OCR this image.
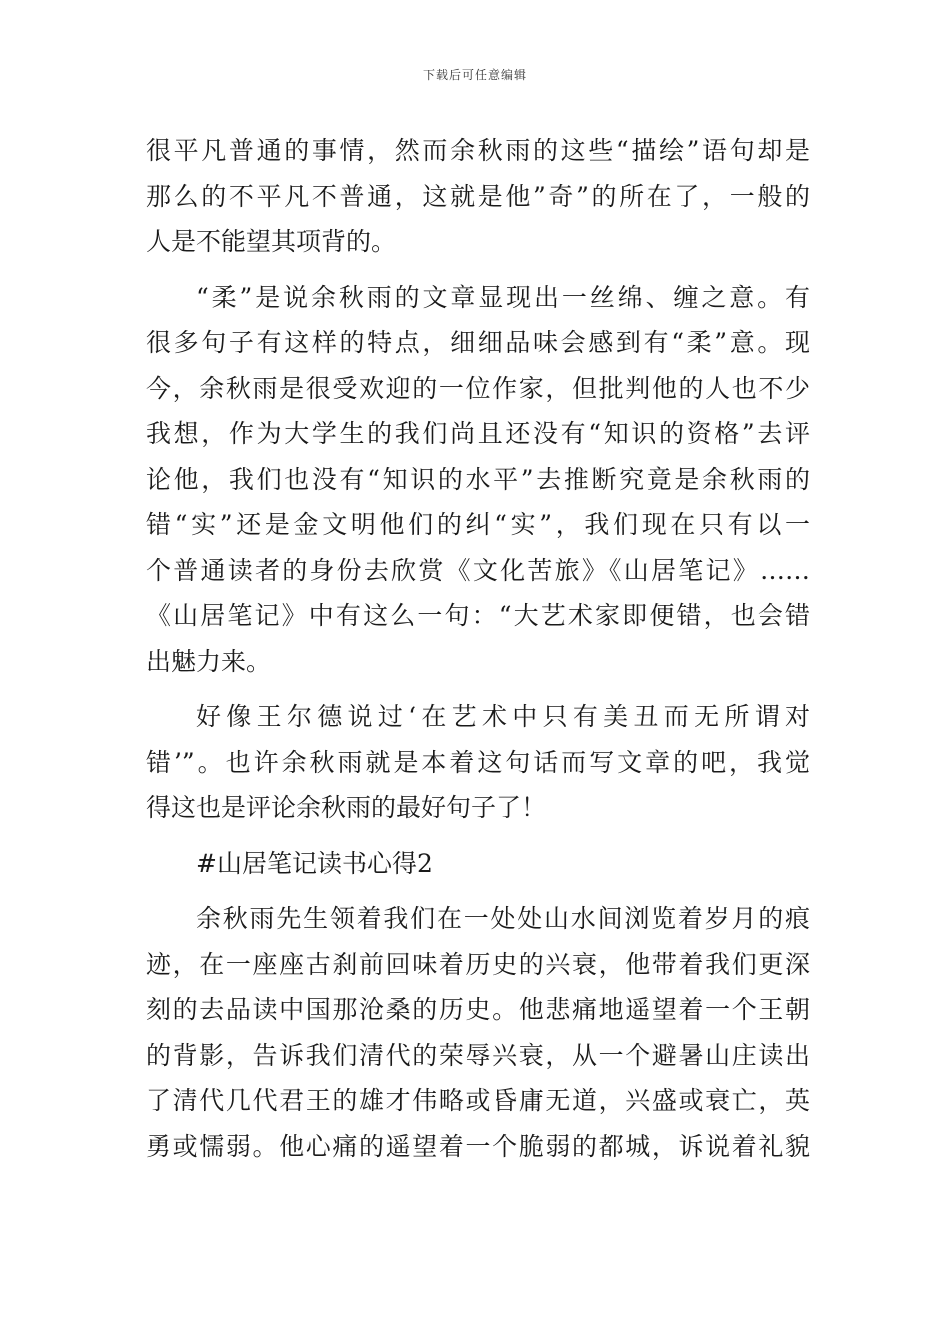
下载后可任意编辑
很平凡普通的事情，然而余秋雨的这些“描绘”语句却是
那么的不平凡不普通，这就是他”奇”的所在了，一般的
人是不能望其项背的。
“柔”是说余秋雨的文章显现出一丝绵、缠之意。有
很多句子有这样的特点，细细品味会感到有“柔”意。现
今，余秋雨是很受欢迎的一位作家，但批判他的人也不少
我想，作为大学生的我们尚且还没有“知识的资格”去评
论他，我们也没有“知识的水平”去推断究竟是余秋雨的
错“实”还是金文明他们的纠“实”，我们现在只有以一
个普通读者的身份去欣赏《文化苦旅》《山居笔记》……
《山居笔记》中有这么一句：“大艺术家即便错，也会错
出魅力来。
好像王尔德说过‘在艺术中只有美丑而无所谓对
错’”。也许余秋雨就是本着这句话而写文章的吧，我觉
得这也是评论余秋雨的最好句子了！
#山居笔记读书心得2
余秋雨先生领着我们在一处处山水间浏览着岁月的痕
迹，在一座座古刹前回味着历史的兴衰，他带着我们更深
刻的去品读中国那沧桑的历史。他悲痛地遥望着一个王朝
的背影，告诉我们清代的荣辱兴衰，从一个避暑山庄读出
了清代几代君王的雄才伟略或昏庸无道，兴盛或衰亡，英
勇或懦弱。他心痛的遥望着一个脆弱的都城，诉说着礼貌
